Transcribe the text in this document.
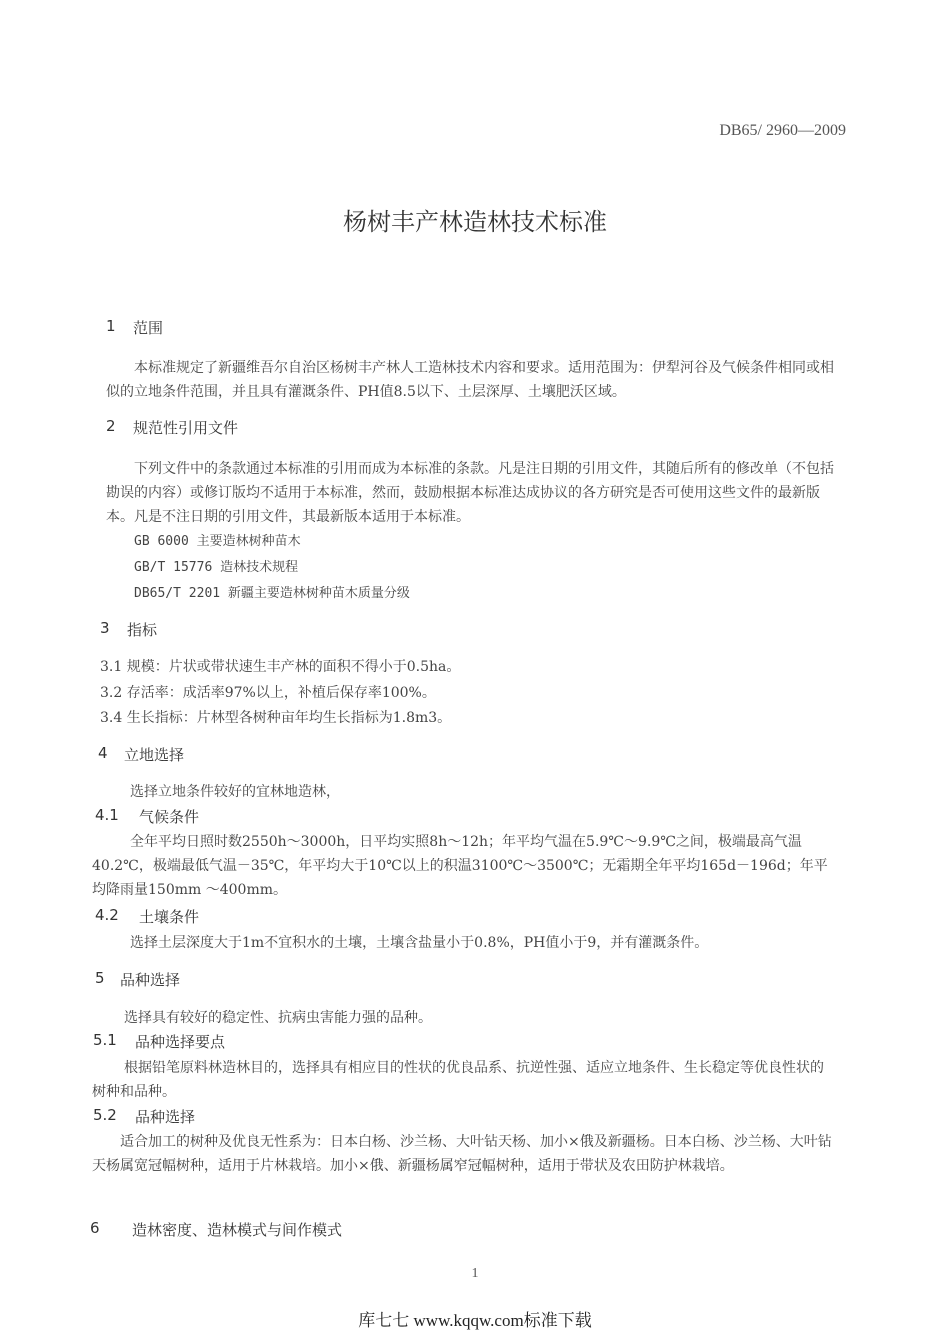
DB65/ 2960—2009
杨树丰产林造林技术标准
1 范围
本标准规定了新疆维吾尔自治区杨树丰产林人工造林技术内容和要求。适用范围为：伊犁河谷及气候条件相同或相似的立地条件范围，并且具有灌溉条件、PH值8.5以下、土层深厚、土壤肥沃区域。
2 规范性引用文件
下列文件中的条款通过本标准的引用而成为本标准的条款。凡是注日期的引用文件，其随后所有的修改单（不包括勘误的内容）或修订版均不适用于本标准，然而，鼓励根据本标准达成协议的各方研究是否可使用这些文件的最新版本。凡是不注日期的引用文件，其最新版本适用于本标准。
GB 6000 主要造林树种苗木
GB/T 15776 造林技术规程
DB65/T 2201 新疆主要造林树种苗木质量分级
3 指标
3.1 规模：片状或带状速生丰产林的面积不得小于0.5ha。
3.2 存活率：成活率97%以上，补植后保存率100%。
3.4 生长指标：片林型各树种亩年均生长指标为1.8m3。
4 立地选择
选择立地条件较好的宜林地造林，
4.1 气候条件
全年平均日照时数2550h～3000h，日平均实照8h～12h；年平均气温在5.9℃～9.9℃之间，极端最高气温40.2℃，极端最低气温－35℃，年平均大于10℃以上的积温3100℃～3500℃；无霜期全年平均165d－196d；年平均降雨量150mm ～400mm。
4.2 土壤条件
选择土层深度大于1m不宜积水的土壤，土壤含盐量小于0.8%，PH值小于9，并有灌溉条件。
5 品种选择
选择具有较好的稳定性、抗病虫害能力强的品种。
5.1 品种选择要点
根据铅笔原料林造林目的，选择具有相应目的性状的优良品系、抗逆性强、适应立地条件、生长稳定等优良性状的树种和品种。
5.2 品种选择
适合加工的树种及优良无性系为：日本白杨、沙兰杨、大叶钻天杨、加小×俄及新疆杨。日本白杨、沙兰杨、大叶钻天杨属宽冠幅树种，适用于片林栽培。加小×俄、新疆杨属窄冠幅树种，适用于带状及农田防护林栽培。
6 造林密度、造林模式与间作模式
1
库七七 www.kqqw.com标准下载
